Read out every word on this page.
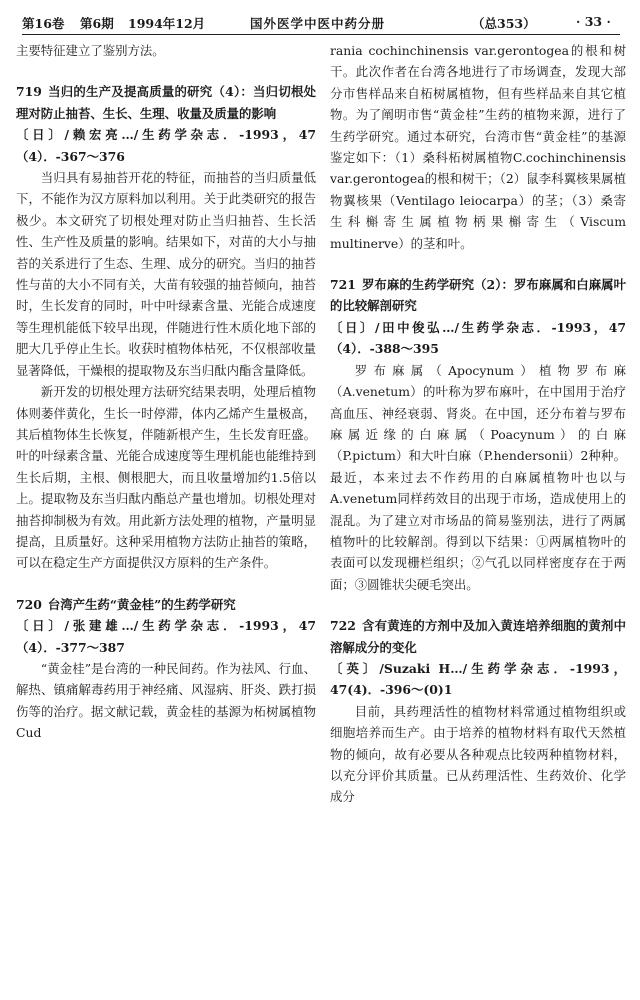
第16卷 第6期 1994年12月	国外医学中医中药分册	（总353）	· 33 ·

主要特征建立了鉴别方法。

719 当归的生产及提高质量的研究（4）：当归切根处理对防止抽苔、生长、生理、收量及质量的影响

〔日〕/赖宏亮…/生药学杂志．-1993，47（4）．-367～376

当归具有易抽苔开花的特征，而抽苔的当归质量低下，不能作为汉方原料加以利用。关于此类研究的报告极少。本文研究了切根处理对防止当归抽苔、生长活性、生产性及质量的影响。结果如下，对苗的大小与抽苔的关系进行了生态、生理、成分的研究。当归的抽苔性与苗的大小不同有关，大苗有较强的抽苔倾向，抽苔时，生长发育的同时，叶中叶绿素含量、光能合成速度等生理机能低下较早出现，伴随进行性木质化地下部的肥大几乎停止生长。收获时植物体枯死，不仅根部收量显著降低，干燥根的提取物及东当归酞内酯含量降低。

新开发的切根处理方法研究结果表明，处理后植物体则萎伴黄化，生长一时停滞，体内乙烯产生量极高，其后植物体生长恢复，伴随新根产生，生长发育旺盛。叶的叶绿素含量、光能合成速度等生理机能也能维持到生长后期，主根、侧根肥大，而且收量增加约1.5倍以上。提取物及东当归酞内酯总产量也增加。切根处理对抽苔抑制极为有效。用此新方法处理的植物，产量明显提高，且质量好。这种采用植物方法防止抽苔的策略，可以在稳定生产方面提供汉方原料的生产条件。

720 台湾产生药“黄金桂”的生药学研究

〔日〕/张建雄…/生药学杂志．-1993，47（4）．-377～387

“黄金桂”是台湾的一种民间药。作为祛风、行血、解热、镇痛解毒药用于神经痛、风湿病、肝炎、跌打损伤等的治疗。据文献记载，黄金桂的基源为柘树属植物Cud

rania cochinchinensis var.gerontogea的根和树干。此次作者在台湾各地进行了市场调查，发现大部分市售样品来自柘树属植物，但有些样品来自其它植物。为了阐明市售“黄金桂”生药的植物来源，进行了生药学研究。通过本研究，台湾市售“黄金桂”的基源鉴定如下：（1）桑科柘树属植物C.cochinchinensis var.gerontogea的根和树干；（2）鼠李科翼核果属植物翼核果（Ventilago leiocarpa）的茎；（3）桑寄生科槲寄生属植物柄果槲寄生（Viscum multinerve）的茎和叶。

721 罗布麻的生药学研究（2）：罗布麻属和白麻属叶的比较解剖研究

〔日〕/田中俊弘…/生药学杂志．-1993，47（4）．-388～395

罗布麻属（Apocynum）植物罗布麻（A.venetum）的叶称为罗布麻叶，在中国用于治疗高血压、神经衰弱、肾炎。在中国，还分布着与罗布麻属近缘的白麻属（Poacynum）的白麻（P.pictum）和大叶白麻（P.hendersonii）2种种。最近，本来过去不作药用的白麻属植物叶也以与A.venetum同样药效目的出现于市场，造成使用上的混乱。为了建立对市场品的简易鉴别法，进行了两属植物叶的比较解剖。得到以下结果：①两属植物叶的表面可以发现栅栏组织；②气孔以同样密度存在于两面；③圆锥状尖硬毛突出。

722 含有黄连的方剂中及加入黄连培养细胞的黄剂中溶解成分的变化

〔英〕/Suzaki H…/生药学杂志．-1993，47(4)．-396～(0)1

目前，具药理活性的植物材料常通过植物组织或细胞培养而生产。由于培养的植物材料有取代天然植物的倾向，故有必要从各种观点比较两种植物材料，以充分评价其质量。已从药理活性、生药效价、化学成分
